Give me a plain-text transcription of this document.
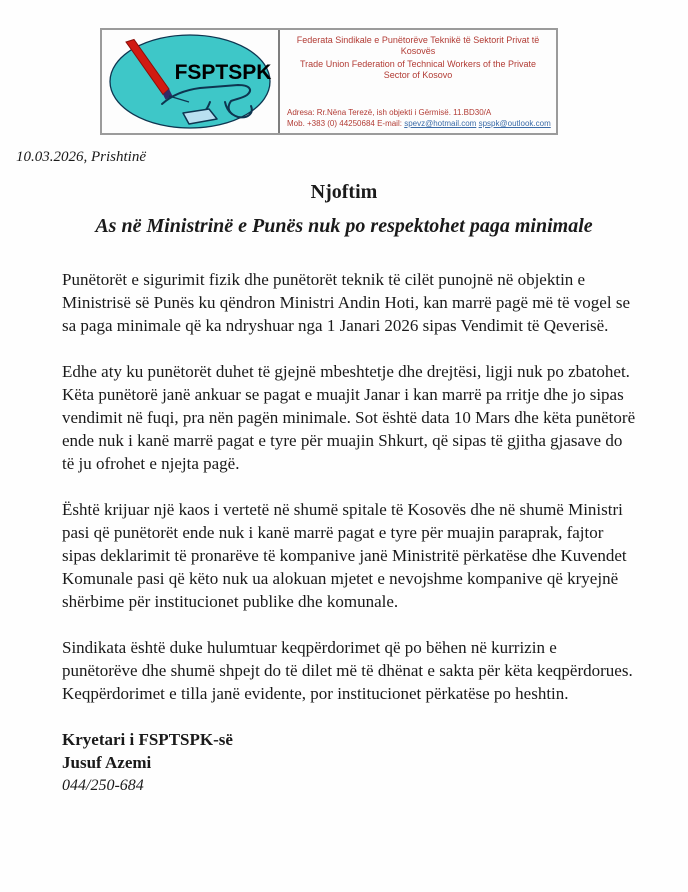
FSPTSPK
Federata Sindikale e Punëtorëve Teknikë të Sektorit Privat të Kosovës
Trade Union Federation of Technical Workers of the Private Sector of Kosovo
Adresa: Rr.Nëna Terezë, ish objekti i Gërmisë. 11.BD30/A
Mob. +383 (0) 44250684 E-mail: spevz@hotmail.com spspk@outlook.com
10.03.2026, Prishtinë
Njoftim
As në Ministrinë e Punës nuk po respektohet paga minimale

Punëtorët e sigurimit fizik dhe punëtorët teknik të cilët punojnë në objektin e Ministrisë së Punës ku qëndron Ministri Andin Hoti, kan marrë pagë më të vogel se sa paga minimale që ka ndryshuar nga 1 Janari 2026 sipas Vendimit të Qeverisë.

Edhe aty ku punëtorët duhet të gjejnë mbeshtetje dhe drejtësi, ligji nuk po zbatohet. Këta punëtorë janë ankuar se pagat e muajit Janar i kan marrë pa rritje dhe jo sipas vendimit në fuqi, pra nën pagën minimale. Sot është data 10 Mars dhe këta punëtorë ende nuk i kanë marrë pagat e tyre për muajin Shkurt, që sipas të gjitha gjasave do të ju ofrohet e njejta pagë.

Është krijuar një kaos i vertetë në shumë spitale të Kosovës dhe në shumë Ministri pasi që punëtorët ende nuk i kanë marrë pagat e tyre për muajin paraprak, fajtor sipas deklarimit të pronarëve të kompanive janë Ministritë përkatëse dhe Kuvendet Komunale pasi që këto nuk ua alokuan mjetet e nevojshme kompanive që kryejnë shërbime për institucionet publike dhe komunale.

Sindikata është duke hulumtuar keqpërdorimet që po bëhen në kurrizin e punëtorëve dhe shumë shpejt do të dilet më të dhënat e sakta për këta keqpërdorues. Keqpërdorimet e tilla janë evidente, por institucionet përkatëse po heshtin.

Kryetari i FSPTSPK-së
Jusuf Azemi
044/250-684
